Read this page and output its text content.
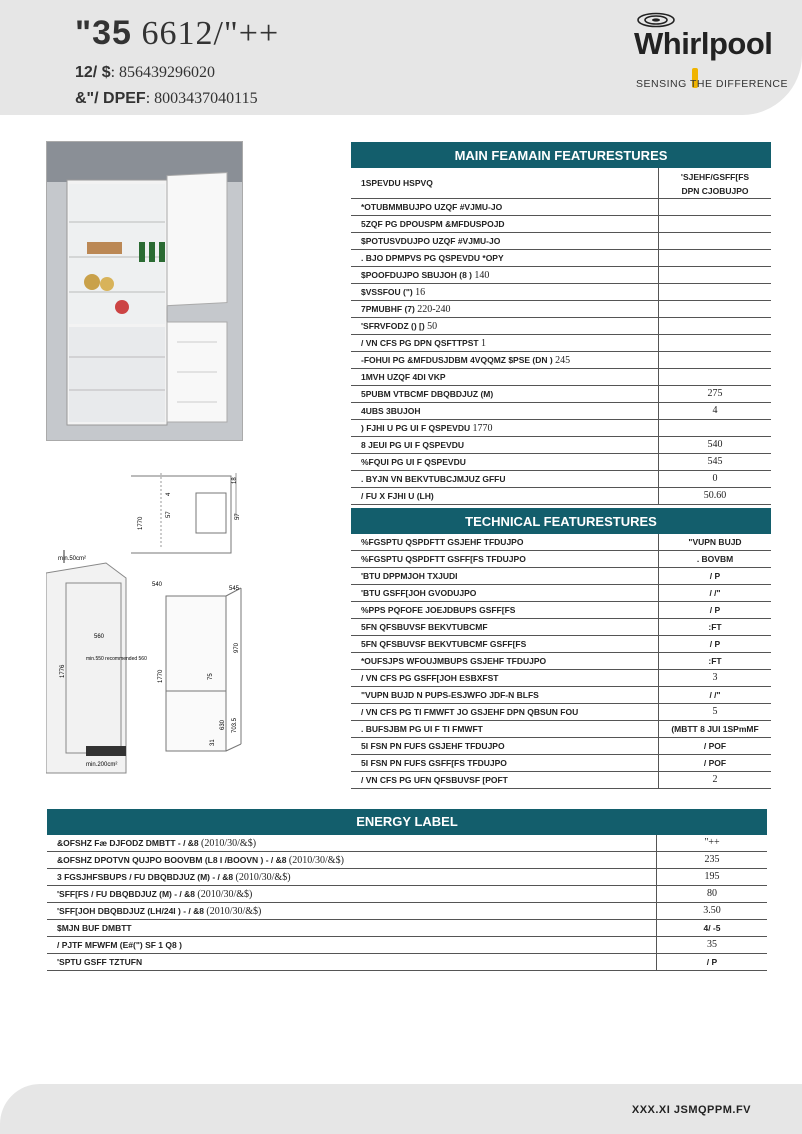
"35 6612/"++
12/ $: 856439296020
&"/ DPEF: 8003437040115
Whirlpool
SENSING THE DIFFERENCE
1770
18
57
4
57
min.50cm²
min.200cm²
560
min.550 recommended 560
1776
540
545
1770	75
970
630 703.5
31
MAIN FEAMAIN FEATURESTURES
1SPEVDU HSPVQ
'SJEHF/GSFF[FS
DPN CJOBUJPO
*OTUBMMBUJPO UZQF #VJMU-JO
5ZQF PG DPOUSPM &MFDUSPOJD
$POTUSVDUJPO UZQF #VJMU-JO
. BJO DPMPVS PG QSPEVDU *OPY
$POOFDUJPO SBUJOH (8 ) 140
$VSSFOU (") 16
7PMUBHF (7) 220-240
'SFRVFODZ () [) 50
/ VN CFS PG DPN QSFTTPST 1
-FOHUI PG &MFDUSJDBM 4VQQMZ $PSE (DN ) 245
1MVH UZQF 4DI VKP
5PUBM VTBCMF DBQBDJUZ (M)	275
4UBS 3BUJOH	4
) FJHI U PG UI F QSPEVDU 1770
8 JEUI PG UI F QSPEVDU	540
%FQUI PG UI F QSPEVDU	545
. BYJN VN BEKVTUBCJMJUZ GFFU	0
/ FU X FJHI U (LH)	50.60
TECHNICAL FEATURESTURES
%FGSPTU QSPDFTT GSJEHF TFDUJPO	"VUPN BUJD
%FGSPTU QSPDFTT GSFF[FS TFDUJPO	. BOVBM
'BTU DPPMJOH TXJUDI	/ P
'BTU GSFF[JOH GVODUJPO	/ /"
%PPS PQFOFE JOEJDBUPS GSFF[FS	/ P
5FN QFSBUVSF BEKVTUBCMF	:FT
5FN QFSBUVSF BEKVTUBCMF GSFF[FS	/ P
*OUFSJPS WFOUJMBUPS GSJEHF TFDUJPO	:FT
/ VN CFS PG GSFF[JOH ESBXFST	3
"VUPN BUJD N PUPS-ESJWFO JDF-N BLFS	/ /"
/ VN CFS PG TI FMWFT JO GSJEHF DPN QBSUN FOU	5
. BUFSJBM PG UI F TI FMWFT	(MBTT 8 JUI 1SPmMF
5I FSN PN FUFS GSJEHF TFDUJPO	/ POF
5I FSN PN FUFS GSFF[FS TFDUJPO	/ POF
/ VN CFS PG UFN QFSBUVSF [POFT	2
ENERGY LABEL
&OFSHZ Fæ DJFODZ DMBTT - / &8 (2010/30/&$)	"++
&OFSHZ DPOTVN QUJPO BOOVBM (L8 I /BOOVN ) - / &8 (2010/30/&$)	235
3 FGSJHFSBUPS / FU DBQBDJUZ (M) - / &8 (2010/30/&$)	195
'SFF[FS / FU DBQBDJUZ (M) - / &8 (2010/30/&$)	80
'SFF[JOH DBQBDJUZ (LH/24I ) - / &8 (2010/30/&$)	3.50
$MJN BUF DMBTT	4/ -5
/ PJTF MFWFM (E#(") SF 1 Q8 )	35
'SPTU GSFF TZTUFN	/ P
XXX.XI JSMQPPM.FV
